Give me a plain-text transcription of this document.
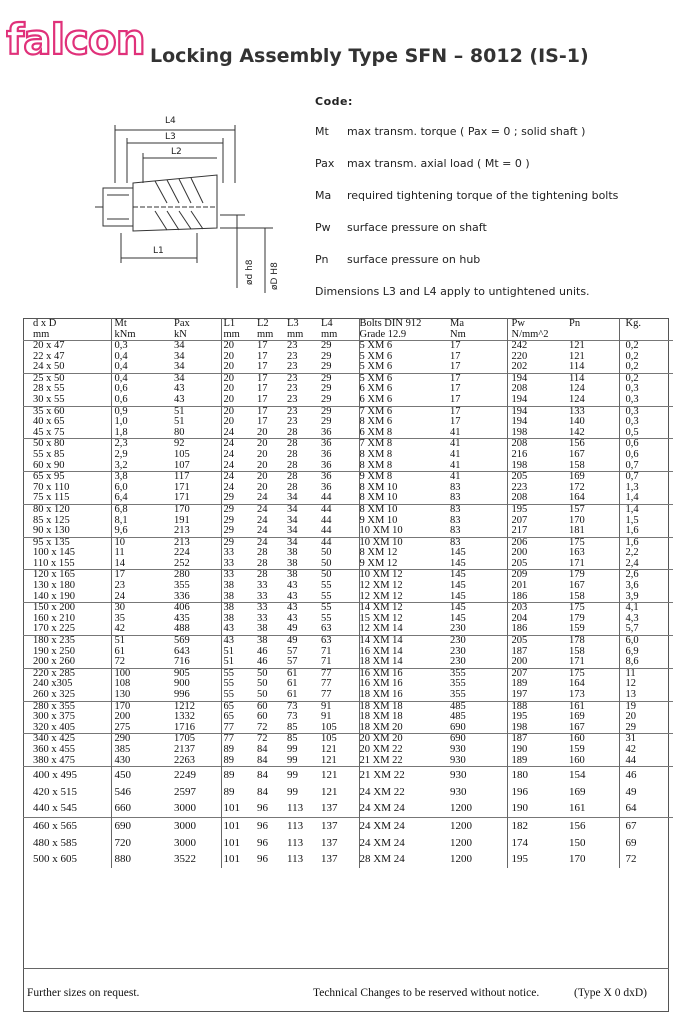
falcon Locking Assembly Type SFN – 8012 (IS-1)
L4
L3
L2
L1
ød h8 øD H8
Code:
Mt	max transm. torque ( Pax = 0 ; solid shaft )
Pax	max transm. axial load ( Mt = 0 )
Ma	required tightening torque of the tightening bolts
Pw	surface pressure on shaft
Pn	surface pressure on hub
Dimensions L3 and L4 apply to untightened units.
d x D	Mt	Pax	L1	L2	L3	L4	Bolts DIN 912	Ma	Pw	Pn	Kg.
mm	kNm	kN	mm	mm	mm	mm	Grade 12.9	Nm	N/mm^2		
20 x 47	0,3	34	20	17	23	29	5 XM 6	17	242	121	0,2
22 x 47	0,4	34	20	17	23	29	5 XM 6	17	220	121	0,2
24 x 50	0,4	34	20	17	23	29	5 XM 6	17	202	114	0,2
25 x 50	0,4	34	20	17	23	29	5 XM 6	17	194	114	0,2
28 x 55	0,6	43	20	17	23	29	6 XM 6	17	208	124	0,3
30 x 55	0,6	43	20	17	23	29	6 XM 6	17	194	124	0,3
35 x 60	0,9	51	20	17	23	29	7 XM 6	17	194	133	0,3
40 x 65	1,0	51	20	17	23	29	8 XM 6	17	194	140	0,3
45 x 75	1,8	80	24	20	28	36	6 XM 8	41	198	142	0,5
50 x 80	2,3	92	24	20	28	36	7 XM 8	41	208	156	0,6
55 x 85	2,9	105	24	20	28	36	8 XM 8	41	216	167	0,6
60 x 90	3,2	107	24	20	28	36	8 XM 8	41	198	158	0,7
65 x 95	3,8	117	24	20	28	36	9 XM 8	41	205	169	0,7
70 x 110	6,0	171	24	20	28	36	8 XM 10	83	223	172	1,3
75 x 115	6,4	171	29	24	34	44	8 XM 10	83	208	164	1,4
80 x 120	6,8	170	29	24	34	44	8 XM 10	83	195	157	1,4
85 x 125	8,1	191	29	24	34	44	9 XM 10	83	207	170	1,5
90 x 130	9,6	213	29	24	34	44	10 XM 10	83	217	181	1,6
95 x 135	10	213	29	24	34	44	10 XM 10	83	206	175	1,6
100 x 145	11	224	33	28	38	50	8 XM 12	145	200	163	2,2
110 x 155	14	252	33	28	38	50	9 XM 12	145	205	171	2,4
120 x 165	17	280	33	28	38	50	10 XM 12	145	209	179	2,6
130 x 180	23	355	38	33	43	55	12 XM 12	145	201	167	3,6
140 x 190	24	336	38	33	43	55	12 XM 12	145	186	158	3,9
150 x 200	30	406	38	33	43	55	14 XM 12	145	203	175	4,1
160 x 210	35	435	38	33	43	55	15 XM 12	145	204	179	4,3
170 x 225	42	488	43	38	49	63	12 XM 14	230	186	159	5,7
180 x 235	51	569	43	38	49	63	14 XM 14	230	205	178	6,0
190 x 250	61	643	51	46	57	71	16 XM 14	230	187	158	6,9
200 x 260	72	716	51	46	57	71	18 XM 14	230	200	171	8,6
220 x 285	100	905	55	50	61	77	16 XM 16	355	207	175	11
240 x305	108	900	55	50	61	77	16 XM 16	355	189	164	12
260 x 325	130	996	55	50	61	77	18 XM 16	355	197	173	13
280 x 355	170	1212	65	60	73	91	18 XM 18	485	188	161	19
300 x 375	200	1332	65	60	73	91	18 XM 18	485	195	169	20
320 x 405	275	1716	77	72	85	105	18 XM 20	690	198	167	29
340 x 425	290	1705	77	72	85	105	20 XM 20	690	187	160	31
360 x 455	385	2137	89	84	99	121	20 XM 22	930	190	159	42
380 x 475	430	2263	89	84	99	121	21 XM 22	930	189	160	44
400 x 495	450	2249	89	84	99	121	21 XM 22	930	180	154	46
420 x 515	546	2597	89	84	99	121	24 XM 22	930	196	169	49
440 x 545	660	3000	101	96	113	137	24 XM 24	1200	190	161	64
460 x 565	690	3000	101	96	113	137	24 XM 24	1200	182	156	67
480 x 585	720	3000	101	96	113	137	24 XM 24	1200	174	150	69
500 x 605	880	3522	101	96	113	137	28 XM 24	1200	195	170	72
Further sizes on request.	Technical Changes to be reserved without notice.	(Type X 0 dxD)
